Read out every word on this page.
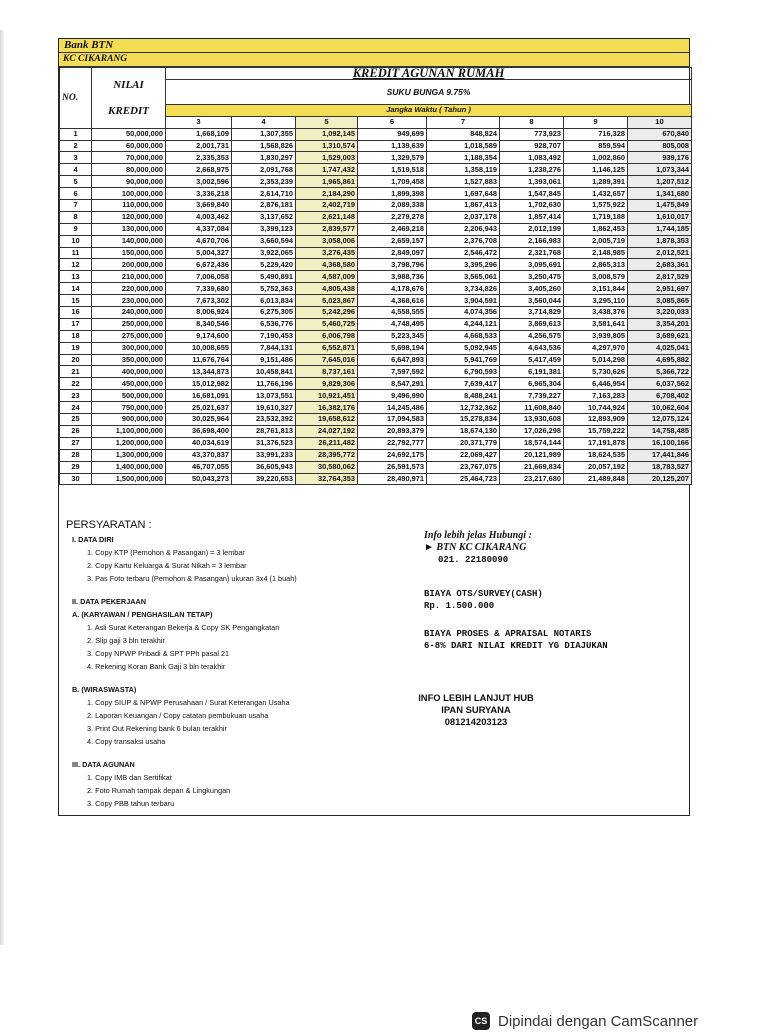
Bank BTN
KC CIKARANG
NO.	NILAI
KREDIT	KREDIT AGUNAN RUMAH							
		SUKU BUNGA 9.75%							
		Jangka Waktu ( Tahun )							
		3	4	5	6	7	8	9	10
1	50,000,000	1,668,109	1,307,355	1,092,145	949,699	848,824	773,923	716,328	670,840
2	60,000,000	2,001,731	1,568,826	1,310,574	1,139,639	1,018,589	928,707	859,594	805,008
3	70,000,000	2,335,353	1,830,297	1,529,003	1,329,579	1,188,354	1,083,492	1,002,860	939,176
4	80,000,000	2,668,975	2,091,768	1,747,432	1,519,518	1,358,119	1,238,276	1,146,125	1,073,344
5	90,000,000	3,002,596	2,353,239	1,965,861	1,709,458	1,527,883	1,393,061	1,289,391	1,207,512
6	100,000,000	3,336,218	2,614,710	2,184,290	1,899,398	1,697,648	1,547,845	1,432,657	1,341,680
7	110,000,000	3,669,840	2,876,181	2,402,719	2,089,338	1,867,413	1,702,630	1,575,922	1,475,849
8	120,000,000	4,003,462	3,137,652	2,621,148	2,279,278	2,037,178	1,857,414	1,719,188	1,610,017
9	130,000,000	4,337,084	3,399,123	2,839,577	2,469,218	2,206,943	2,012,199	1,862,453	1,744,185
10	140,000,000	4,670,706	3,660,594	3,058,006	2,659,157	2,376,708	2,166,983	2,005,719	1,878,353
11	150,000,000	5,004,327	3,922,065	3,276,435	2,849,097	2,546,472	2,321,768	2,148,985	2,012,521
12	200,000,000	6,672,436	5,229,420	4,368,580	3,798,796	3,395,296	3,095,691	2,865,313	2,683,361
13	210,000,000	7,006,058	5,490,891	4,587,009	3,988,736	3,565,061	3,250,475	3,008,579	2,817,529
14	220,000,000	7,339,680	5,752,363	4,805,438	4,178,676	3,734,826	3,405,260	3,151,844	2,951,697
15	230,000,000	7,673,302	6,013,834	5,023,867	4,368,616	3,904,591	3,560,044	3,295,110	3,085,865
16	240,000,000	8,006,924	6,275,305	5,242,296	4,558,555	4,074,356	3,714,829	3,438,376	3,220,033
17	250,000,000	8,340,546	6,536,776	5,460,725	4,748,495	4,244,121	3,869,613	3,581,641	3,354,201
18	275,000,000	9,174,600	7,190,453	6,006,798	5,223,345	4,668,533	4,256,575	3,939,805	3,689,621
19	300,000,000	10,008,655	7,844,131	6,552,871	5,698,194	5,092,945	4,643,536	4,297,970	4,025,041
20	350,000,000	11,676,764	9,151,486	7,645,016	6,647,893	5,941,769	5,417,459	5,014,298	4,695,882
21	400,000,000	13,344,873	10,458,841	8,737,161	7,597,592	6,790,593	6,191,381	5,730,626	5,366,722
22	450,000,000	15,012,982	11,766,196	9,829,306	8,547,291	7,639,417	6,965,304	6,446,954	6,037,562
23	500,000,000	16,681,091	13,073,551	10,921,451	9,496,990	8,488,241	7,739,227	7,163,283	6,708,402
24	750,000,000	25,021,637	19,610,327	16,382,176	14,245,486	12,732,362	11,608,840	10,744,924	10,062,604
25	900,000,000	30,025,964	23,532,392	19,658,612	17,094,583	15,278,834	13,930,608	12,893,909	12,075,124
26	1,100,000,000	36,698,400	28,761,813	24,027,192	20,893,379	18,674,130	17,026,298	15,759,222	14,758,485
27	1,200,000,000	40,034,619	31,376,523	26,211,482	22,792,777	20,371,779	18,574,144	17,191,878	16,100,166
28	1,300,000,000	43,370,837	33,991,233	28,395,772	24,692,175	22,069,427	20,121,989	18,624,535	17,441,846
29	1,400,000,000	46,707,055	36,605,943	30,580,062	26,591,573	23,767,075	21,669,834	20,057,192	18,783,527
30	1,500,000,000	50,043,273	39,220,653	32,764,353	28,490,971	25,464,723	23,217,680	21,489,848	20,125,207
PERSYARATAN :
I. DATA DIRI
1. Copy KTP (Pemohon & Pasangan) = 3 lembar
2. Copy Kartu Keluarga & Surat Nikah = 3 lembar
3. Pas Foto terbaru (Pemohon & Pasangan) ukuran 3x4 (1 buah)
II. DATA PEKERJAAN
A. (KARYAWAN / PENGHASILAN TETAP)
1. Asli Surat Keterangan Bekerja & Copy SK Pengangkatan
2. Slip gaji 3 bln terakhir
3. Copy NPWP Pribadi & SPT PPh pasal 21
4. Rekening Koran Bank Gaji 3 bln terakhir
B. (WIRASWASTA)
1. Copy SIUP & NPWP Perusahaan / Surat Keterangan Usaha
2. Laporan Keuangan / Copy catatan pembukuan usaha
3. Print Out Rekening bank 6 bulan terakhir
4. Copy transaksi usaha
III. DATA AGUNAN
1. Copy IMB dan Sertifikat
2. Foto Rumah tampak depan & Lingkungan
3. Copy PBB tahun terbaru
Info lebih jelas Hubungi :
► BTN KC CIKARANG
021. 22180090
BIAYA OTS/SURVEY(CASH)
Rp. 1.500.000
BIAYA PROSES & APRAISAL NOTARIS
6-8% DARI NILAI KREDIT YG DIAJUKAN
INFO LEBIH LANJUT HUB
IPAN SURYANA
081214203123
CS Dipindai dengan CamScanner
